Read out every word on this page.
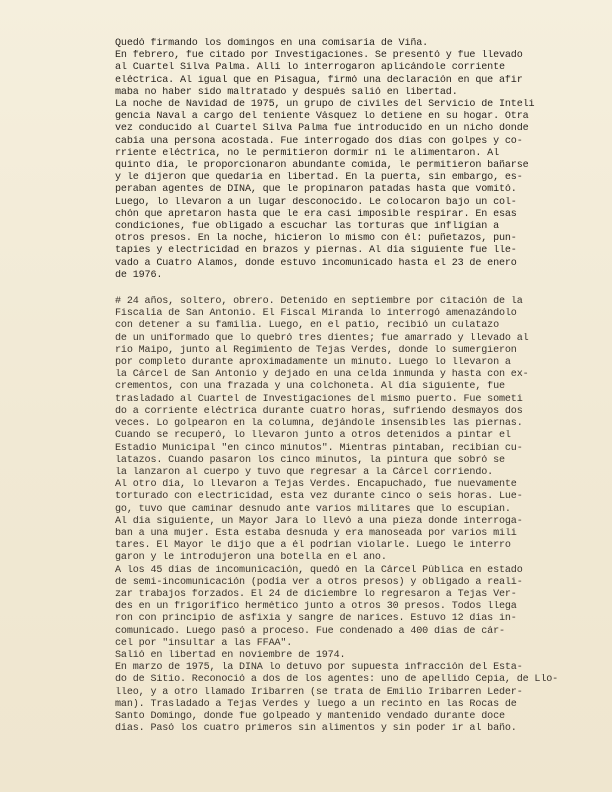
Quedó firmando los domingos en una comisaría de Viña.
En febrero, fue citado por Investigaciones. Se presentó y fue llevado
al Cuartel Silva Palma. Allí lo interrogaron aplicándole corriente
eléctrica. Al igual que en Pisagua, firmó una declaración en que afir
maba no haber sido maltratado y después salió en libertad.
La noche de Navidad de 1975, un grupo de civiles del Servicio de Inteli
gencia Naval a cargo del teniente Vásquez lo detiene en su hogar. Otra
vez conducido al Cuartel Silva Palma fue introducido en un nicho donde
cabía una persona acostada. Fue interrogado dos días con golpes y co-
rriente eléctrica, no le permitieron dormir ni le alimentaron. Al
quinto día, le proporcionaron abundante comida, le permitieron bañarse
y le dijeron que quedaría en libertad. En la puerta, sin embargo, es-
peraban agentes de DINA, que le propinaron patadas hasta que vomitó.
Luego, lo llevaron a un lugar desconocido. Le colocaron bajo un col-
chón que apretaron hasta que le era casi imposible respirar. En esas
condiciones, fue obligado a escuchar las torturas que infligían a
otros presos. En la noche, hicieron lo mismo con él: puñetazos, pun-
tapies y electricidad en brazos y piernas. Al día siguiente fue lle-
vado a Cuatro Alamos, donde estuvo incomunicado hasta el 23 de enero
de 1976.
# 24 años, soltero, obrero. Detenido en septiembre por citación de la
Fiscalía de San Antonio. El Fiscal Miranda lo interrogó amenazándolo
con detener a su familia. Luego, en el patio, recibió un culatazo
de un uniformado que lo quebró tres dientes; fue amarrado y llevado al
río Maipo, junto al Regimiento de Tejas Verdes, donde lo sumergieron
por completo durante aproximadamente un minuto. Luego lo llevaron a
la Cárcel de San Antonio y dejado en una celda inmunda y hasta con ex-
crementos, con una frazada y una colchoneta. Al día siguiente, fue
trasladado al Cuartel de Investigaciones del mismo puerto. Fue someti
do a corriente eléctrica durante cuatro horas, sufriendo desmayos dos
veces. Lo golpearon en la columna, dejándole insensibles las piernas.
Cuando se recuperó, lo llevaron junto a otros detenidos a pintar el
Estadio Municipal "en cinco minutos". Mientras pintaban, recibían cu-
latazos. Cuando pasaron los cinco minutos, la pintura que sobró se
la lanzaron al cuerpo y tuvo que regresar a la Cárcel corriendo.
Al otro día, lo llevaron a Tejas Verdes. Encapuchado, fue nuevamente
torturado con electricidad, esta vez durante cinco o seis horas. Lue-
go, tuvo que caminar desnudo ante varios militares que lo escupían.
Al día siguiente, un Mayor Jara lo llevó a una pieza donde interroga-
ban a una mujer. Esta estaba desnuda y era manoseada por varios mili
tares. El Mayor le dijo que a él podrían violarle. Luego le interro
garon y le introdujeron una botella en el ano.
A los 45 días de incomunicación, quedó en la Cárcel Pública en estado
de semi-incomunicación (podía ver a otros presos) y obligado a reali-
zar trabajos forzados. El 24 de diciembre lo regresaron a Tejas Ver-
des en un frigorífico hermético junto a otros 30 presos. Todos llega
ron con principio de asfixia y sangre de narices. Estuvo 12 días in-
comunicado. Luego pasó a proceso. Fue condenado a 400 días de cár-
cel por "insultar a las FFAA".
Salió en libertad en noviembre de 1974.
En marzo de 1975, la DINA lo detuvo por supuesta infracción del Esta-
do de Sitio. Reconoció a dos de los agentes: uno de apellido Cepia, de Llo-
lleo, y a otro llamado Iribarren (se trata de Emilio Iribarren Leder-
man). Trasladado a Tejas Verdes y luego a un recinto en las Rocas de
Santo Domingo, donde fue golpeado y mantenido vendado durante doce
días. Pasó los cuatro primeros sin alimentos y sin poder ir al baño.
